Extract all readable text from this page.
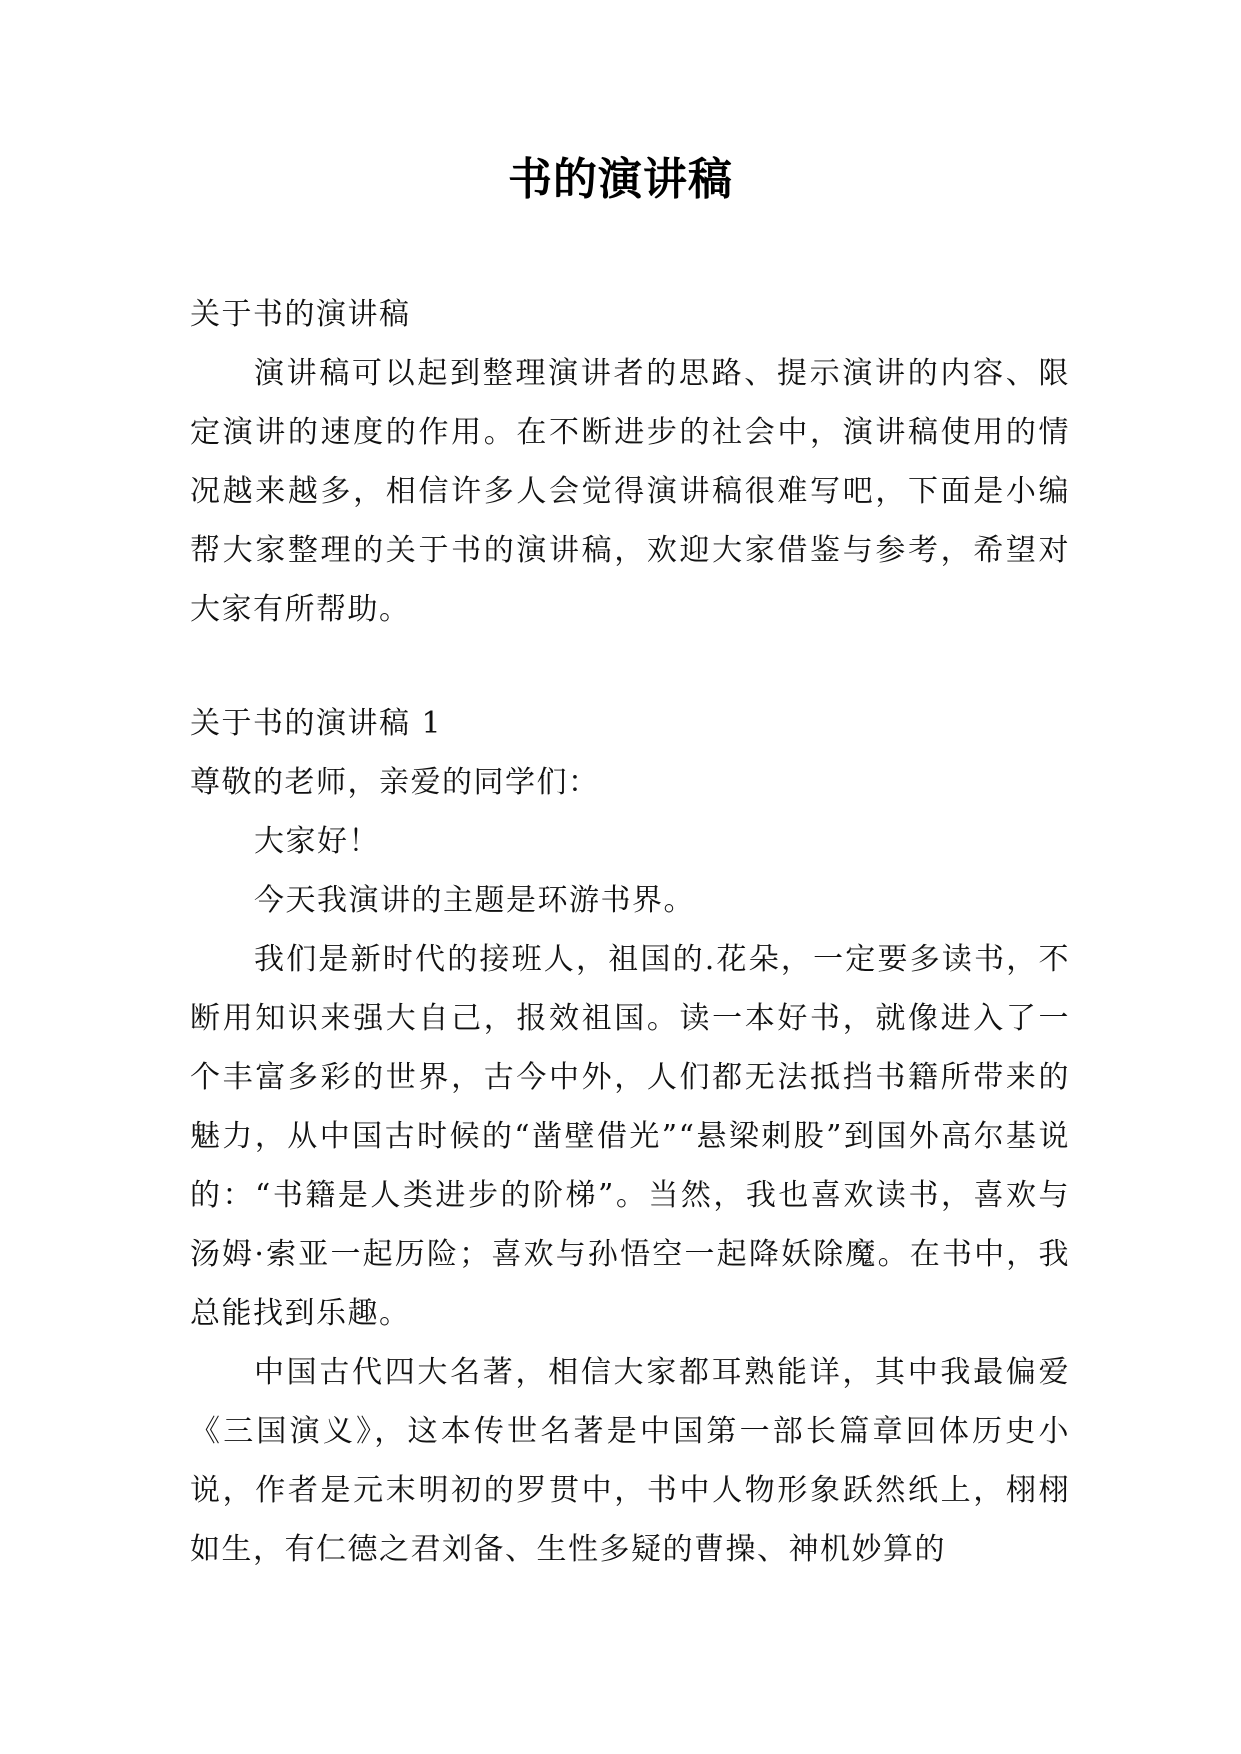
书的演讲稿

关于书的演讲稿

演讲稿可以起到整理演讲者的思路、提示演讲的内容、限定演讲的速度的作用。在不断进步的社会中，演讲稿使用的情况越来越多，相信许多人会觉得演讲稿很难写吧，下面是小编帮大家整理的关于书的演讲稿，欢迎大家借鉴与参考，希望对大家有所帮助。

关于书的演讲稿 1

尊敬的老师，亲爱的同学们：

大家好！

今天我演讲的主题是环游书界。

我们是新时代的接班人，祖国的.花朵，一定要多读书，不断用知识来强大自己，报效祖国。读一本好书，就像进入了一个丰富多彩的世界，古今中外，人们都无法抵挡书籍所带来的魅力，从中国古时候的“凿壁借光”“悬梁刺股”到国外高尔基说的：“书籍是人类进步的阶梯”。当然，我也喜欢读书，喜欢与汤姆·索亚一起历险；喜欢与孙悟空一起降妖除魔。在书中，我总能找到乐趣。

中国古代四大名著，相信大家都耳熟能详，其中我最偏爱《三国演义》，这本传世名著是中国第一部长篇章回体历史小说，作者是元末明初的罗贯中，书中人物形象跃然纸上，栩栩如生，有仁德之君刘备、生性多疑的曹操、神机妙算的
